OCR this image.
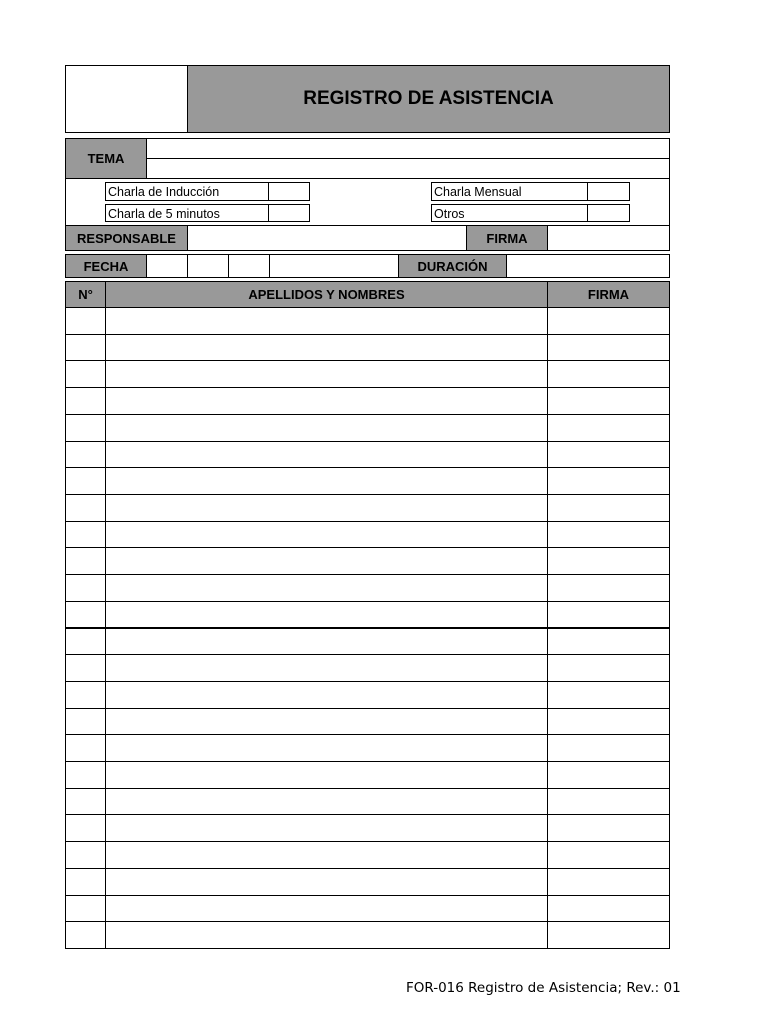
REGISTRO DE ASISTENCIA
TEMA
Charla de Inducción
Charla de 5 minutos
Charla Mensual
Otros
RESPONSABLE	FIRMA
FECHA	DURACIÓN
N°	APELLIDOS Y NOMBRES	FIRMA
FOR-016 Registro de Asistencia; Rev.: 01
